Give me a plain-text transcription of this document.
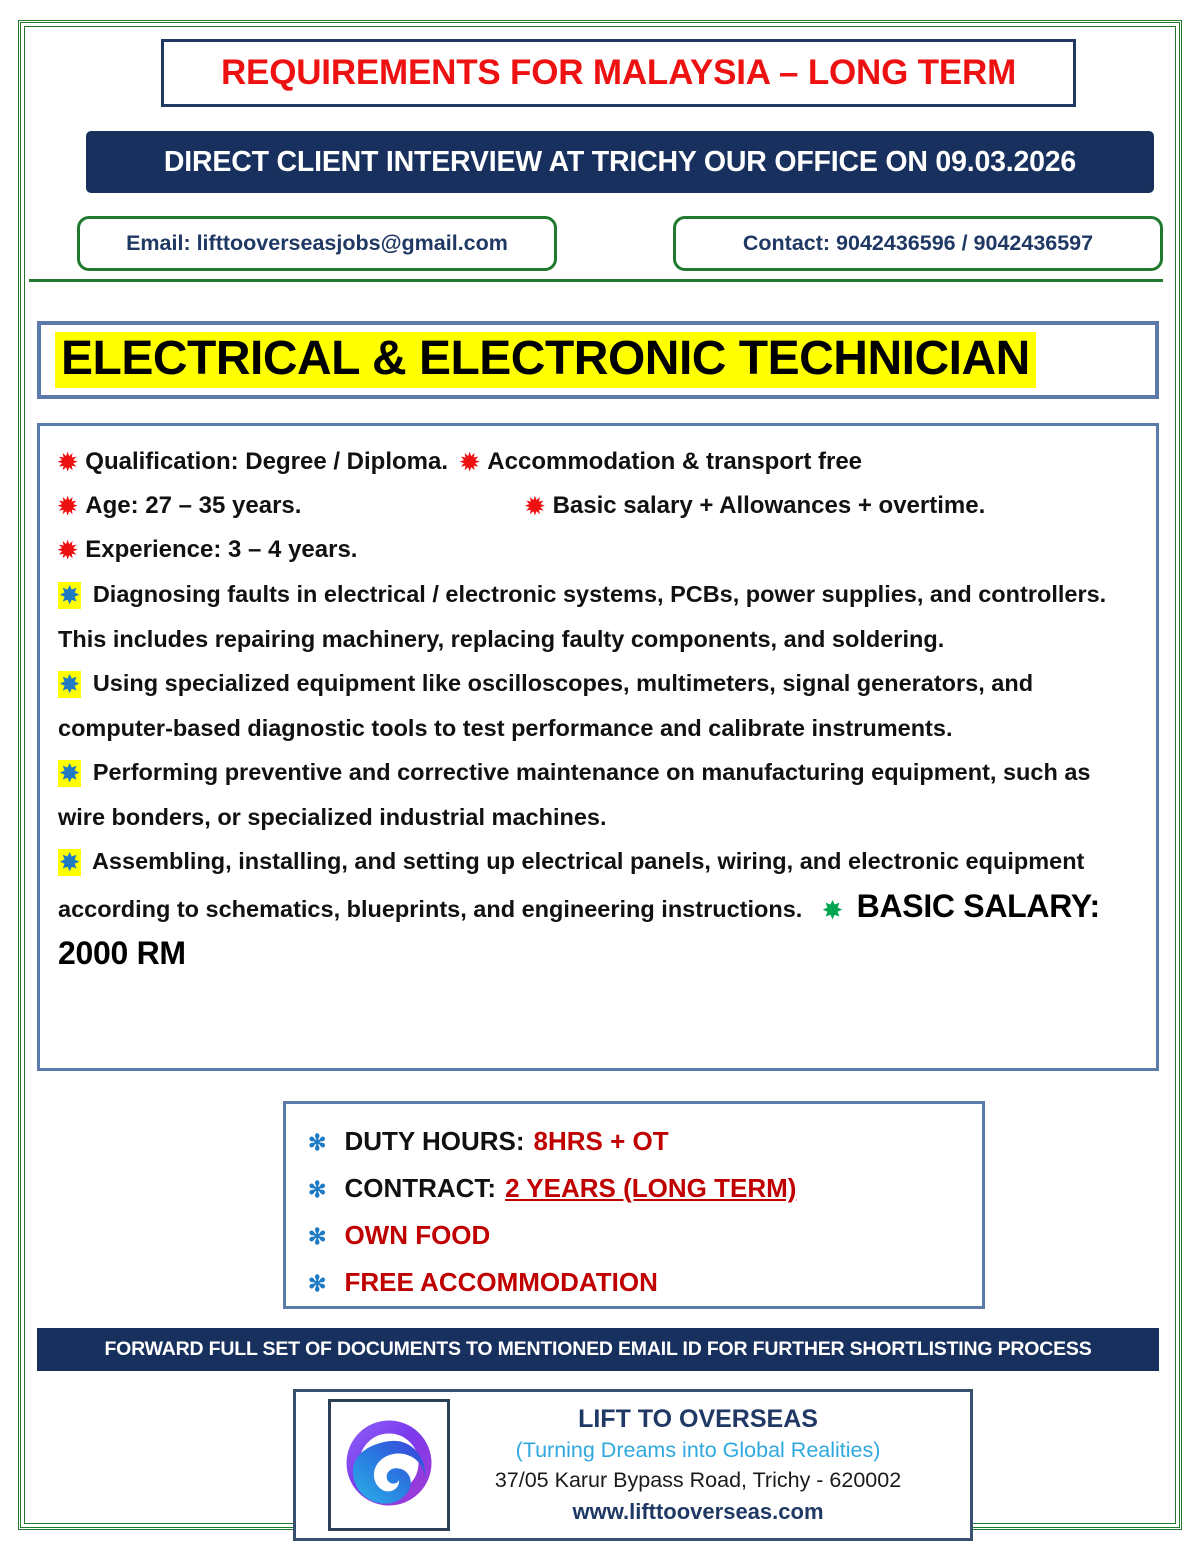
REQUIREMENTS FOR MALAYSIA – LONG TERM
DIRECT CLIENT INTERVIEW AT TRICHY OUR OFFICE ON 09.03.2026
Email: lifttooverseasjobs@gmail.com	Contact: 9042436596 / 9042436597
ELECTRICAL & ELECTRONIC TECHNICIAN
✹ Qualification: Degree / Diploma. ✹ Accommodation & transport free
✹ Age: 27 – 35 years.	✹ Basic salary + Allowances + overtime.
✹ Experience: 3 – 4 years.

✸ Diagnosing faults in electrical / electronic systems, PCBs, power supplies, and controllers. This includes repairing machinery, replacing faulty components, and soldering.

✸ Using specialized equipment like oscilloscopes, multimeters, signal generators, and computer-based diagnostic tools to test performance and calibrate instruments.

✸ Performing preventive and corrective maintenance on manufacturing equipment, such as wire bonders, or specialized industrial machines.

✸ Assembling, installing, and setting up electrical panels, wiring, and electronic equipment according to schematics, blueprints, and engineering instructions. ✸ BASIC SALARY: 2000 RM

✻ DUTY HOURS: 8HRS + OT
✻ CONTRACT: 2 YEARS (LONG TERM)
✻ OWN FOOD
✻ FREE ACCOMMODATION
FORWARD FULL SET OF DOCUMENTS TO MENTIONED EMAIL ID FOR FURTHER SHORTLISTING PROCESS
LIFT TO OVERSEAS
(Turning Dreams into Global Realities)
37/05 Karur Bypass Road, Trichy - 620002
www.lifttooverseas.com
